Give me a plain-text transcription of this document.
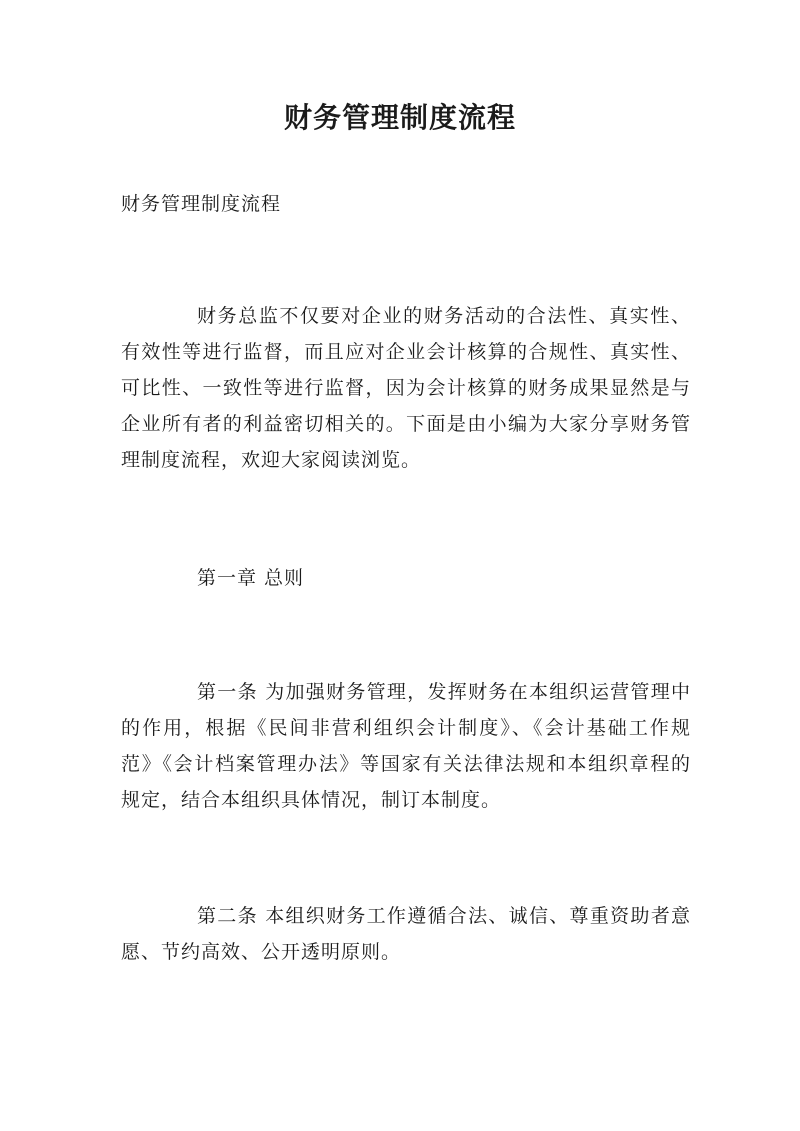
财务管理制度流程
财务管理制度流程

财务总监不仅要对企业的财务活动的合法性、真实性、有效性等进行监督，而且应对企业会计核算的合规性、真实性、可比性、一致性等进行监督，因为会计核算的财务成果显然是与企业所有者的利益密切相关的。下面是由小编为大家分享财务管理制度流程，欢迎大家阅读浏览。

第一章 总则

第一条 为加强财务管理，发挥财务在本组织运营管理中的作用，根据《民间非营利组织会计制度》、《会计基础工作规范》《会计档案管理办法》等国家有关法律法规和本组织章程的规定，结合本组织具体情况，制订本制度。

第二条 本组织财务工作遵循合法、诚信、尊重资助者意愿、节约高效、公开透明原则。
